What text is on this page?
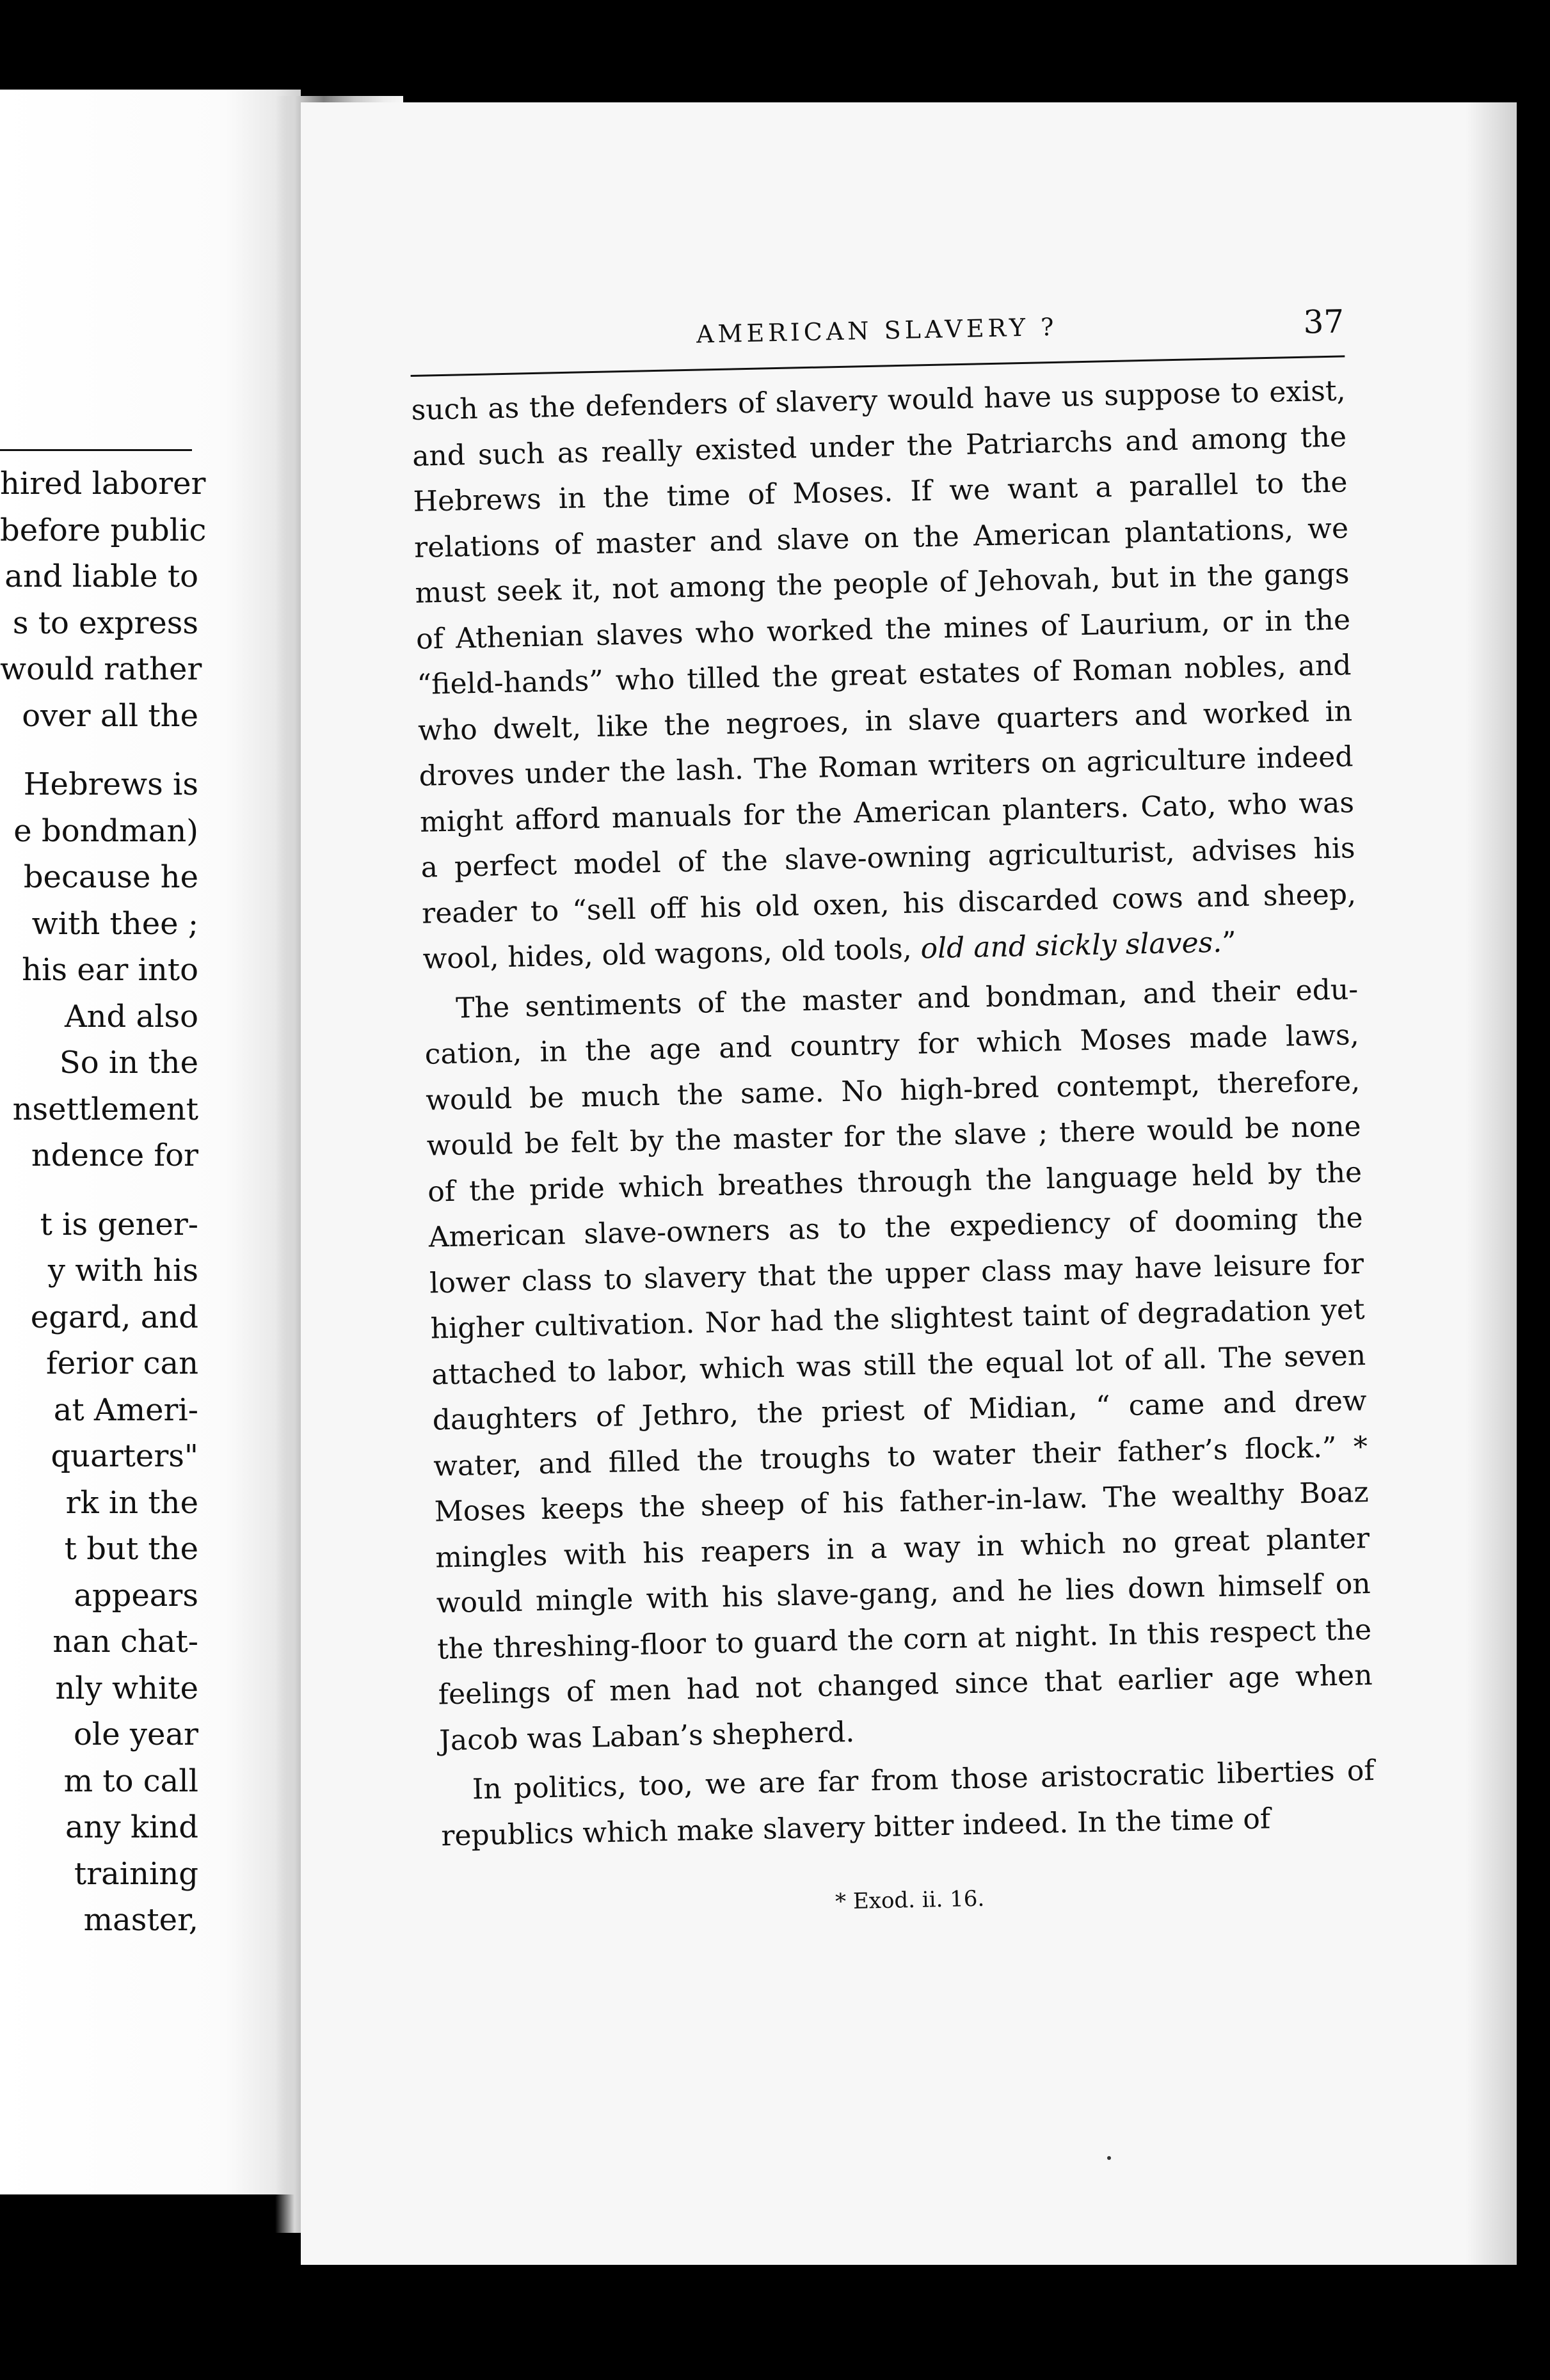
hired laborer
before public
and liable to
s to express
would rather
over all the
Hebrews is
e bondman)
because he
with thee ;
his ear into
And also
So in the
nsettlement
ndence for
t is gener-
y with his
egard, and
ferior can
at Ameri-
quarters"
rk in the
t but the
appears
nan chat-
nly white
ole year
m to call
any kind
training
master,
AMERICAN SLAVERY ?	37

such as the defenders of slavery would have us suppose to exist, and such as really existed under the Patriarchs and among the Hebrews in the time of Moses. If we want a parallel to the relations of master and slave on the American plantations, we must seek it, not among the people of Jehovah, but in the gangs of Athenian slaves who worked the mines of Laurium, or in the “field-hands” who tilled the great estates of Roman nobles, and who dwelt, like the negroes, in slave quarters and worked in droves under the lash. The Roman writers on agriculture indeed might afford manuals for the American planters. Cato, who was a perfect model of the slave-owning agriculturist, advises his reader to “sell off his old oxen, his discarded cows and sheep, wool, hides, old wagons, old tools, old and sickly slaves.”

The sentiments of the master and bondman, and their education, in the age and country for which Moses made laws, would be much the same. No high-bred contempt, therefore, would be felt by the master for the slave ; there would be none of the pride which breathes through the language held by the American slave-owners as to the expediency of dooming the lower class to slavery that the upper class may have leisure for higher cultivation. Nor had the slightest taint of degradation yet attached to labor, which was still the equal lot of all. The seven daughters of Jethro, the priest of Midian, “ came and drew water, and filled the troughs to water their father’s flock.” * Moses keeps the sheep of his father-in-law. The wealthy Boaz mingles with his reapers in a way in which no great planter would mingle with his slave-gang, and he lies down himself on the threshing-floor to guard the corn at night. In this respect the feelings of men had not changed since that earlier age when Jacob was Laban’s shepherd.

In politics, too, we are far from those aristocratic liberties of republics which make slavery bitter indeed. In the time of

* Exod. ii. 16.
